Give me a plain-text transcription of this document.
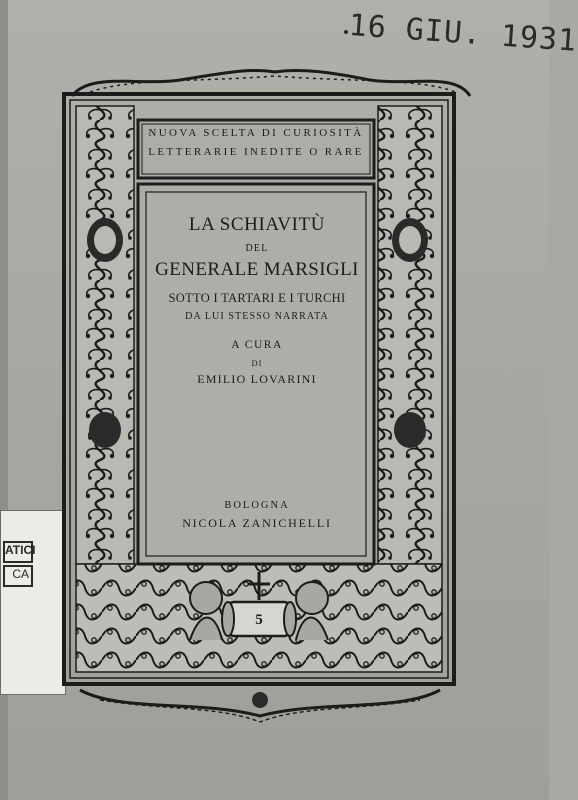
16 GIU. 1931
ATICI
CA
NUOVA SCELTA DI CURIOSITÀ
LETTERARIE INEDITE O RARE
LA SCHIAVITÙ
DEL
GENERALE MARSIGLI
SOTTO I TARTARI E I TURCHI
DA LUI STESSO NARRATA
A CURA
DI
EMILIO LOVARINI
BOLOGNA
NICOLA ZANICHELLI
5
